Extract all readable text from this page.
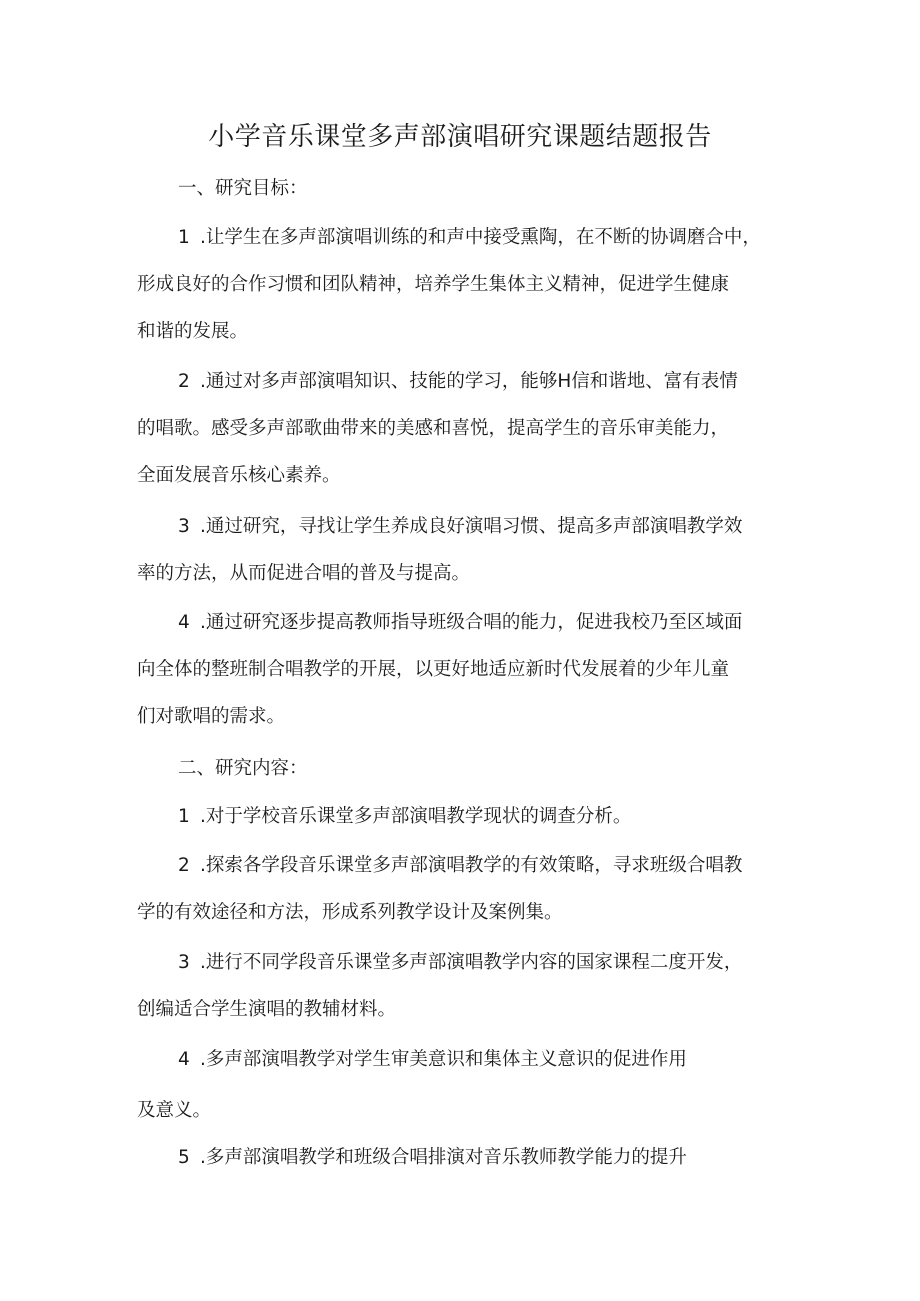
小学音乐课堂多声部演唱研究课题结题报告
一、研究目标：
1 .让学生在多声部演唱训练的和声中接受熏陶，在不断的协调磨合中，
形成良好的合作习惯和团队精神，培养学生集体主义精神，促进学生健康
和谐的发展。
2 .通过对多声部演唱知识、技能的学习，能够H信和谐地、富有表情
的唱歌。感受多声部歌曲带来的美感和喜悦，提高学生的音乐审美能力，
全面发展音乐核心素养。
3 .通过研究，寻找让学生养成良好演唱习惯、提高多声部演唱教学效
率的方法，从而促进合唱的普及与提高。
4 .通过研究逐步提高教师指导班级合唱的能力，促进我校乃至区域面
向全体的整班制合唱教学的开展，以更好地适应新时代发展着的少年儿童
们对歌唱的需求。
二、研究内容：
1 .对于学校音乐课堂多声部演唱教学现状的调查分析。
2 .探索各学段音乐课堂多声部演唱教学的有效策略，寻求班级合唱教
学的有效途径和方法，形成系列教学设计及案例集。
3 .进行不同学段音乐课堂多声部演唱教学内容的国家课程二度开发，
创编适合学生演唱的教辅材料。
4 .多声部演唱教学对学生审美意识和集体主义意识的促进作用
及意义。
5 .多声部演唱教学和班级合唱排演对音乐教师教学能力的提升
